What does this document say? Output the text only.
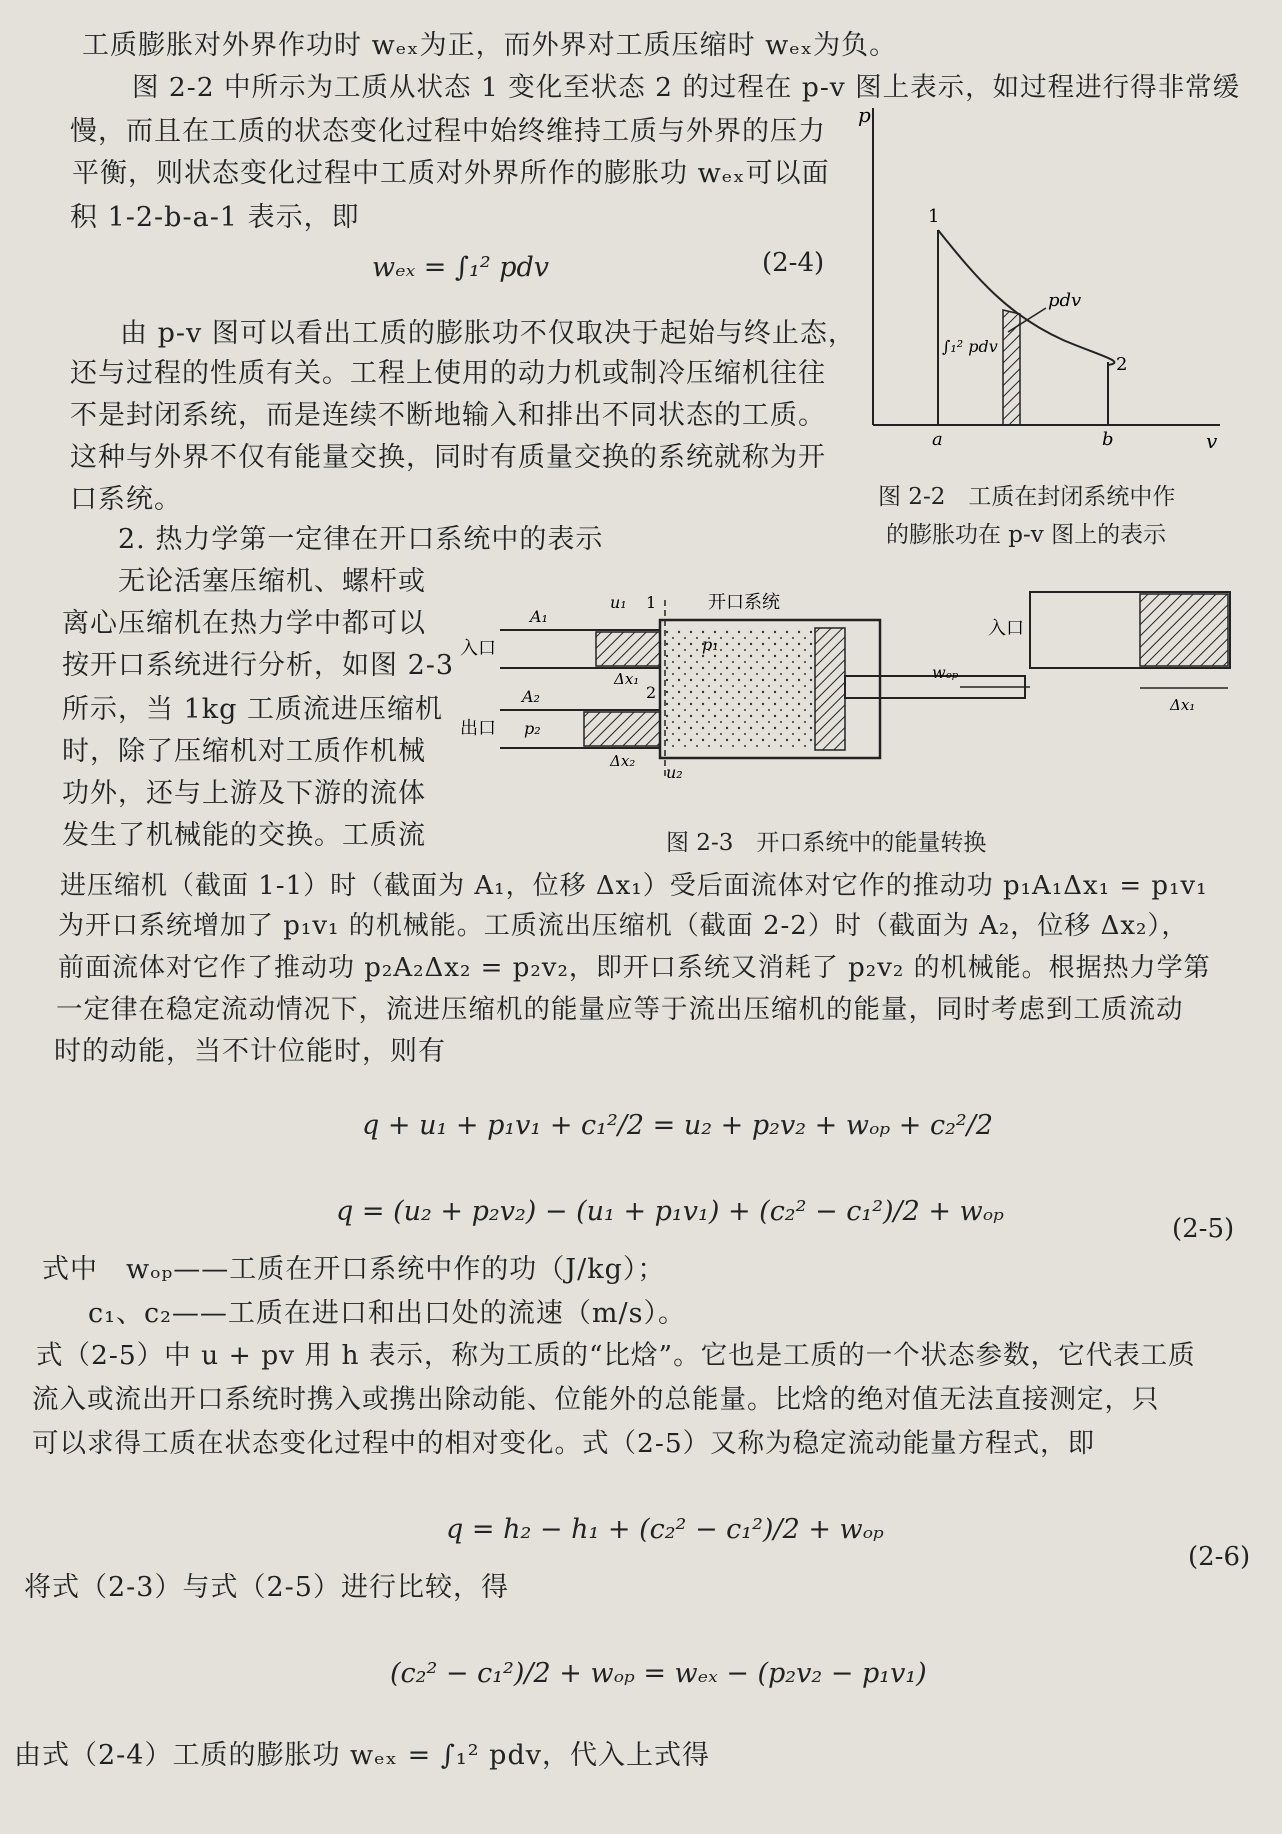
工质膨胀对外界作功时 wₑₓ为正，而外界对工质压缩时 wₑₓ为负。
图 2-2 中所示为工质从状态 1 变化至状态 2 的过程在 p-v 图上表示，如过程进行得非常缓
慢，而且在工质的状态变化过程中始终维持工质与外界的压力
平衡，则状态变化过程中工质对外界所作的膨胀功 wₑₓ可以面
积 1-2-b-a-1 表示，即
wₑₓ = ∫₁² pdv	(2-4)
由 p-v 图可以看出工质的膨胀功不仅取决于起始与终止态，
还与过程的性质有关。工程上使用的动力机或制冷压缩机往往
不是封闭系统，而是连续不断地输入和排出不同状态的工质。
这种与外界不仅有能量交换，同时有质量交换的系统就称为开
口系统。
p
v
1
2
a	b
pdv
∫₁² pdv
图 2-2　工质在封闭系统中作
的膨胀功在 p-v 图上的表示
2. 热力学第一定律在开口系统中的表示
无论活塞压缩机、螺杆或
离心压缩机在热力学中都可以
按开口系统进行分析，如图 2-3
所示，当 1kg 工质流进压缩机
时，除了压缩机对工质作机械
功外，还与上游及下游的流体
发生了机械能的交换。工质流
开口系统
入口
出口
A₁
A₂
u₁
u₂
p₁
p₂
Δx₁
Δx₂
1
2
wₒₚ
入口
Δx₁
图 2-3　开口系统中的能量转换
进压缩机（截面 1-1）时（截面为 A₁，位移 Δx₁）受后面流体对它作的推动功 p₁A₁Δx₁ = p₁v₁
为开口系统增加了 p₁v₁ 的机械能。工质流出压缩机（截面 2-2）时（截面为 A₂，位移 Δx₂），
前面流体对它作了推动功 p₂A₂Δx₂ = p₂v₂，即开口系统又消耗了 p₂v₂ 的机械能。根据热力学第
一定律在稳定流动情况下，流进压缩机的能量应等于流出压缩机的能量，同时考虑到工质流动
时的动能，当不计位能时，则有
q + u₁ + p₁v₁ + c₁²/2 = u₂ + p₂v₂ + wₒₚ + c₂²/2
q = (u₂ + p₂v₂) − (u₁ + p₁v₁) + (c₂² − c₁²)/2 + wₒₚ
(2-5)
式中　wₒₚ——工质在开口系统中作的功（J/kg）；
c₁、c₂——工质在进口和出口处的流速（m/s）。
式（2-5）中 u + pv 用 h 表示，称为工质的“比焓”。它也是工质的一个状态参数，它代表工质
流入或流出开口系统时携入或携出除动能、位能外的总能量。比焓的绝对值无法直接测定，只
可以求得工质在状态变化过程中的相对变化。式（2-5）又称为稳定流动能量方程式，即
q = h₂ − h₁ + (c₂² − c₁²)/2 + wₒₚ
(2-6)
将式（2-3）与式（2-5）进行比较，得
(c₂² − c₁²)/2 + wₒₚ = wₑₓ − (p₂v₂ − p₁v₁)
由式（2-4）工质的膨胀功 wₑₓ = ∫₁² pdv，代入上式得
